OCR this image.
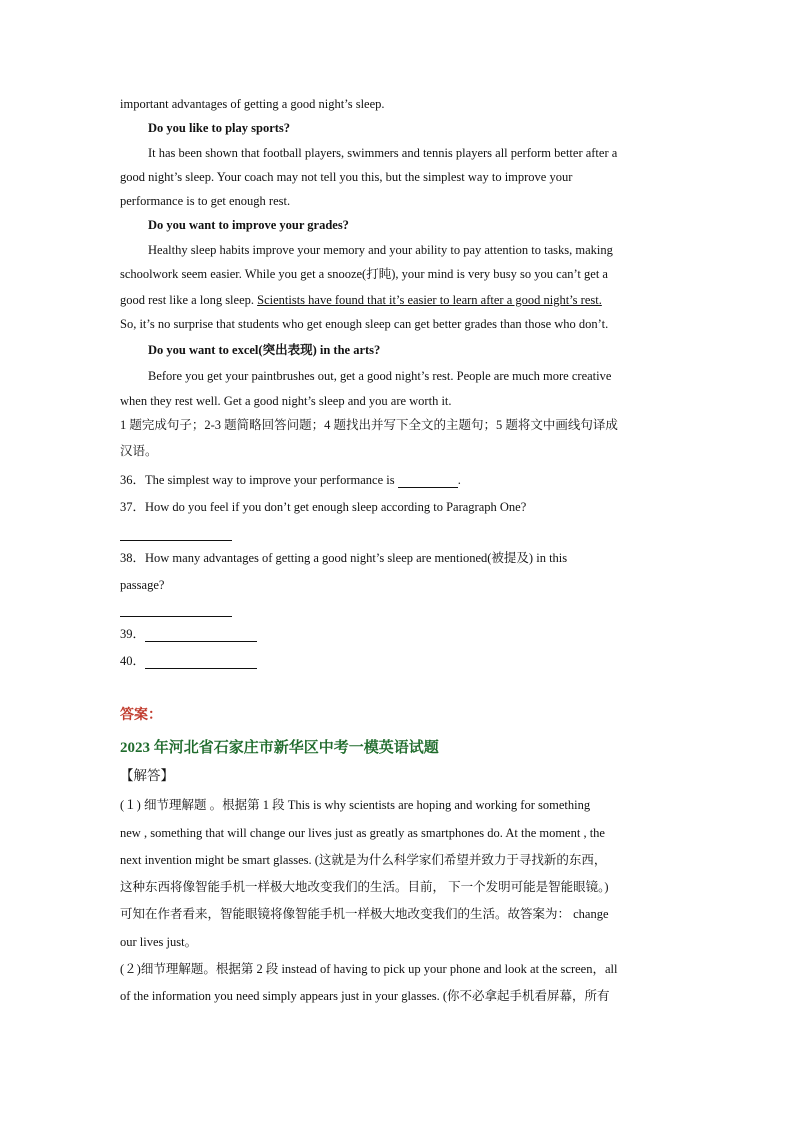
important advantages of getting a good night’s sleep.
Do you like to play sports?
It has been shown that football players, swimmers and tennis players all perform better after a
good night’s sleep. Your coach may not tell you this, but the simplest way to improve your
performance is to get enough rest.
Do you want to improve your grades?
Healthy sleep habits improve your memory and your ability to pay attention to tasks, making
schoolwork seem easier. While you get a snooze(打盹), your mind is very busy so you can’t get a
good rest like a long sleep. Scientists have found that it’s easier to learn after a good night’s rest.
So, it’s no surprise that students who get enough sleep can get better grades than those who don’t.
Do you want to excel(突出表现) in the arts?
Before you get your paintbrushes out, get a good night’s rest. People are much more creative
when they rest well. Get a good night’s sleep and you are worth it.
1 题完成句子；2-3 题简略回答问题；4 题找出并写下全文的主题句；5 题将文中画线句译成
汉语。
36．The simplest way to improve your performance is	.
37．How do you feel if you don’t get enough sleep according to Paragraph One?
38．How many advantages of getting a good night’s sleep are mentioned(被提及) in this
passage?
39．
40．
答案：
2023 年河北省石家庄市新华区中考一模英语试题
【解答】
(１) 细节理解题 。根据第 1 段 This is why scientists are hoping and working for something
new , something that will change our lives just as greatly as smartphones do. At the moment , the
next invention might be smart glasses. (这就是为什么科学家们希望并致力于寻找新的东西，
这种东西将像智能手机一样极大地改变我们的生活。目前， 下一个发明可能是智能眼镜。)
可知在作者看来，智能眼镜将像智能手机一样极大地改变我们的生活。故答案为： change
our lives just。
(２)细节理解题。根据第 2 段 instead of having to pick up your phone and look at the screen，all
of the information you need simply appears just in your glasses. (你不必拿起手机看屏幕，所有
